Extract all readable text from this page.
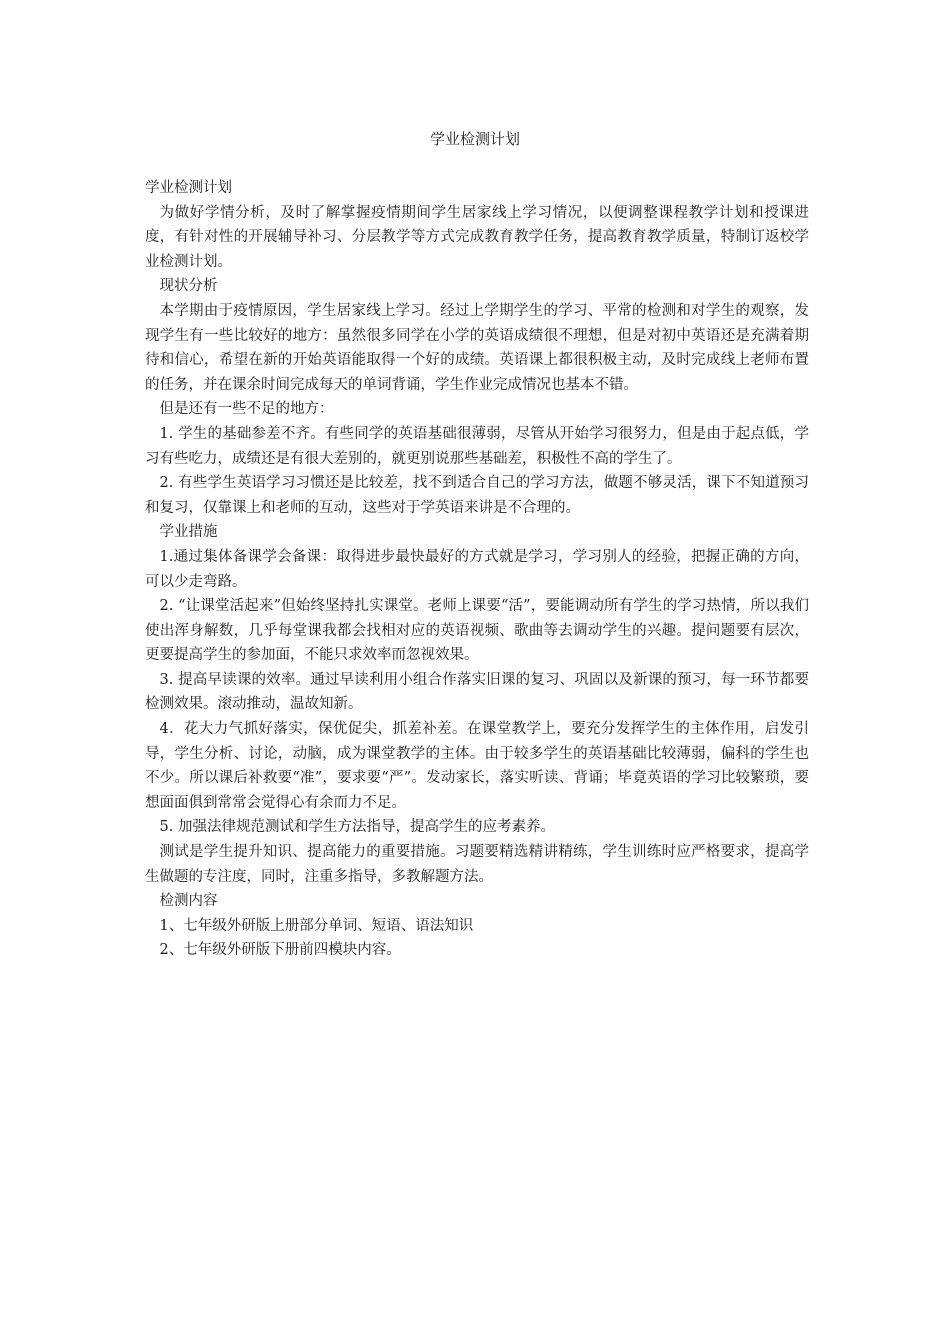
学业检测计划

学业检测计划

为做好学情分析，及时了解掌握疫情期间学生居家线上学习情况，以便调整课程教学计划和授课进度，有针对性的开展辅导补习、分层教学等方式完成教育教学任务，提高教育教学质量，特制订返校学业检测计划。

现状分析

本学期由于疫情原因，学生居家线上学习。经过上学期学生的学习、平常的检测和对学生的观察，发现学生有一些比较好的地方：虽然很多同学在小学的英语成绩很不理想，但是对初中英语还是充满着期待和信心，希望在新的开始英语能取得一个好的成绩。英语课上都很积极主动，及时完成线上老师布置的任务，并在课余时间完成每天的单词背诵，学生作业完成情况也基本不错。

但是还有一些不足的地方：

1. 学生的基础参差不齐。有些同学的英语基础很薄弱，尽管从开始学习很努力，但是由于起点低，学习有些吃力，成绩还是有很大差别的，就更别说那些基础差，积极性不高的学生了。

2. 有些学生英语学习习惯还是比较差，找不到适合自己的学习方法，做题不够灵活，课下不知道预习和复习，仅靠课上和老师的互动，这些对于学英语来讲是不合理的。

学业措施

1.通过集体备课学会备课：取得进步最快最好的方式就是学习，学习别人的经验，把握正确的方向，可以少走弯路。

2. “让课堂活起来”但始终坚持扎实课堂。老师上课要“活”，要能调动所有学生的学习热情，所以我们使出浑身解数，几乎每堂课我都会找相对应的英语视频、歌曲等去调动学生的兴趣。提问题要有层次，更要提高学生的参加面，不能只求效率而忽视效果。

3. 提高早读课的效率。通过早读利用小组合作落实旧课的复习、巩固以及新课的预习，每一环节都要检测效果。滚动推动，温故知新。

4．花大力气抓好落实，保优促尖，抓差补差。在课堂教学上，要充分发挥学生的主体作用，启发引导，学生分析、讨论，动脑，成为课堂教学的主体。由于较多学生的英语基础比较薄弱，偏科的学生也不少。所以课后补救要“准”，要求要“严”。发动家长，落实听读、背诵；毕竟英语的学习比较繁琐，要想面面俱到常常会觉得心有余而力不足。

5. 加强法律规范测试和学生方法指导，提高学生的应考素养。

测试是学生提升知识、提高能力的重要措施。习题要精选精讲精练，学生训练时应严格要求，提高学生做题的专注度，同时，注重多指导，多教解题方法。

检测内容

1、七年级外研版上册部分单词、短语、语法知识

2、七年级外研版下册前四模块内容。
